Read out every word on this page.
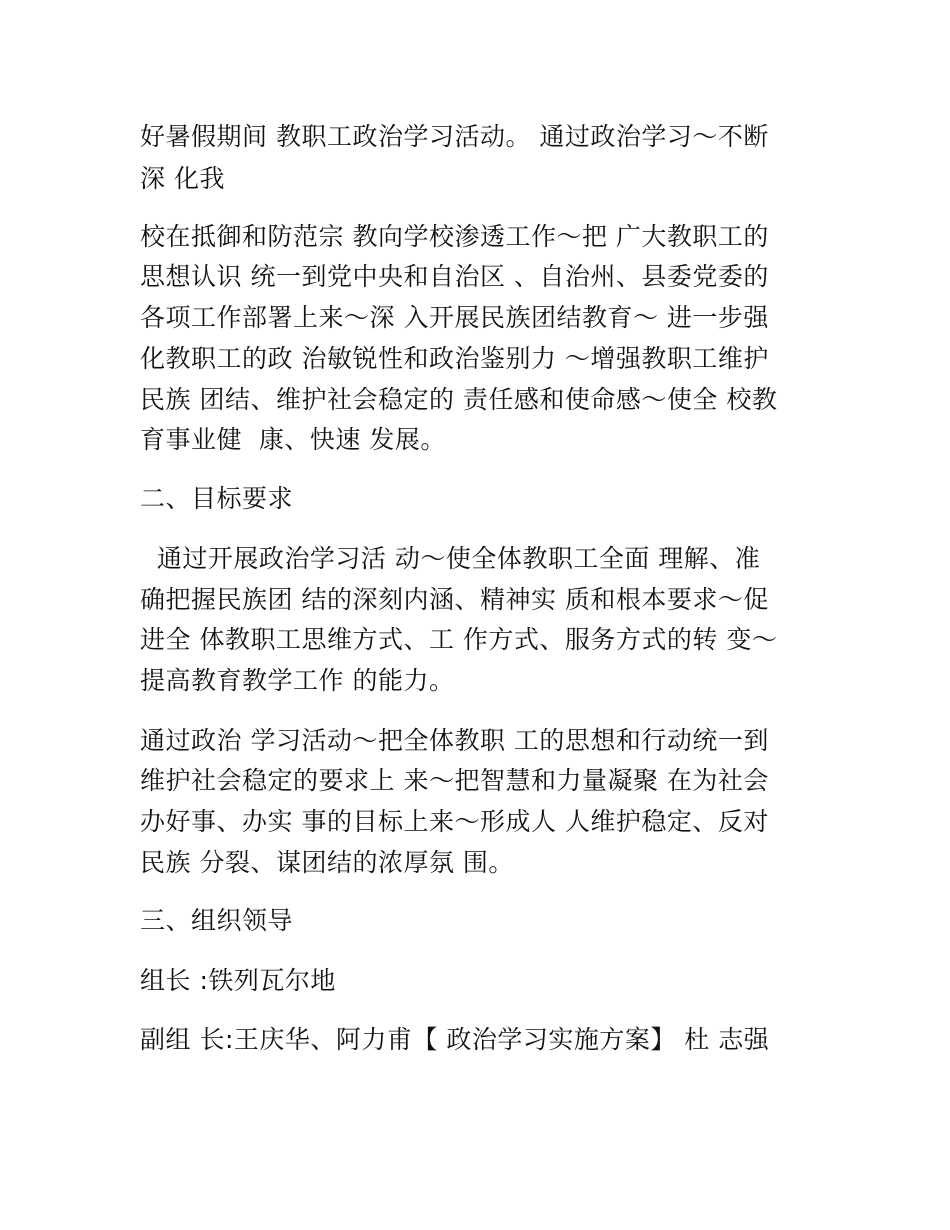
好暑假期间 教职工政治学习活动。 通过政治学习～不断
深 化我
校在抵御和防范宗 教向学校渗透工作～把 广大教职工的
思想认识 统一到党中央和自治区 、自治州、县委党委的
各项工作部署上来～深 入开展民族团结教育～ 进一步强
化教职工的政 治敏锐性和政治鉴别力 ～增强教职工维护
民族 团结、维护社会稳定的 责任感和使命感～使全 校教
育事业健  康、快速 发展。
二、目标要求
通过开展政治学习活 动～使全体教职工全面 理解、准
确把握民族团 结的深刻内涵、精神实 质和根本要求～促
进全 体教职工思维方式、工 作方式、服务方式的转 变～
提高教育教学工作 的能力。
通过政治 学习活动～把全体教职 工的思想和行动统一到
维护社会稳定的要求上 来～把智慧和力量凝聚 在为社会
办好事、办实 事的目标上来～形成人 人维护稳定、反对
民族 分裂、谋团结的浓厚氛 围。
三、组织领导
组长 :铁列瓦尔地
副组 长:王庆华、阿力甫【 政治学习实施方案】 杜 志强
